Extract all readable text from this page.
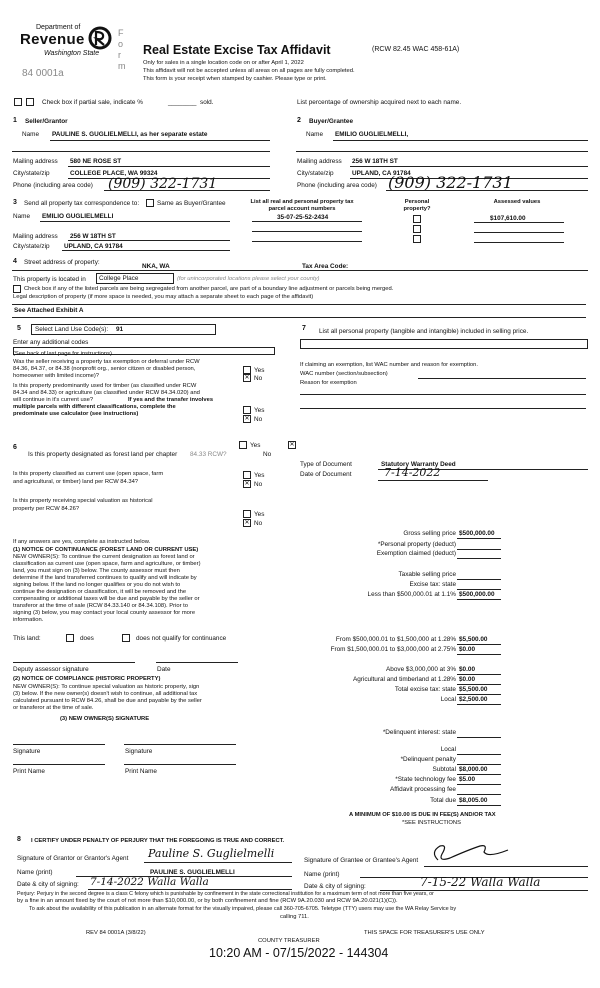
Department of
Revenue
Washington State
F
o
r
m
84 0001a
Real Estate Excise Tax Affidavit	(RCW 82.45 WAC 458-61A)
Only for sales in a single location code on or after April 1, 2022
This affidavit will not be accepted unless all areas on all pages are fully completed.
This form is your receipt when stamped by cashier. Please type or print.
Check box if partial sale, indicate %	________ sold.	List percentage of ownership acquired next to each name.
1 Seller/Grantor
Name PAULINE S. GUGLIELMELLI, as her separate estate
Mailing address 580 NE ROSE ST
City/state/zip	COLLEGE PLACE, WA 99324
Phone (including area code) (909) 322-1731
2 Buyer/Grantee
Name EMILIO GUGLIELMELLI,
Mailing address 256 W 18TH ST
City/state/zip	UPLAND, CA 91784
Phone (including area code) (909) 322-1731
3 Send all property tax correspondence to:	Same as Buyer/Grantee
Name EMILIO GUGLIELMELLI
Mailing address 256 W 18TH ST
City/state/zip UPLAND, CA 91784
List all real and personal property tax parcel account numbers
35-07-25-52-2434
Personal property?
Assessed values
$107,610.00
4 Street address of property:
NKA, WA	Tax Area Code:
This property is located in	College Place	(for unincorporated locations please select your county)
Check box if any of the listed parcels are being segregated from another parcel, are part of a boundary line adjustment or parcels being merged.
Legal description of property (if more space is needed, you may attach a separate sheet to each page of the affidavit)
See Attached Exhibit A
5	Select Land Use Code(s): 91
Enter any additional codes
(See back of last page for instructions)
Was the seller receiving a property tax exemption or deferral under RCW
84.36, 84.37, or 84.38 (nonprofit org., senior citizen or disabled person,
homeowner with limited income)?
Yes
✕ No
Is this property predominantly used for timber (as classified under RCW
84.34 and 84.33) or agriculture (as classified under RCW 84.34.020) and
will continue in it's current use?	If yes and the transfer involves
multiple parcels with different classifications, complete the
predominate use calculator (see instructions)	Yes
✕ No
7 List all personal property (tangible and intangible) included in selling price.
If claiming an exemption, list WAC number and reason for exemption.
WAC number (section/subsection)
Reason for exemption
6	Yes	✕
Is this property designated as forest land per chapter 84.33 RCW?	No
Is this property classified as current use (open space, farm
and agricultural, or timber) land per RCW 84.34?
Yes
✕ No
Is this property receiving special valuation as historical
property per RCW 84.26?
Yes
✕ No
If any answers are yes, complete as instructed below.
(1) NOTICE OF CONTINUANCE (FOREST LAND OR CURRENT USE)
NEW OWNER(S): To continue the current designation as forest land or
classification as current use (open space, farm and agriculture, or timber)
land, you must sign on (3) below. The county assessor must then
determine if the land transferred continues to qualify and will indicate by
signing below. If the land no longer qualifies or you do not wish to
continue the designation or classification, it will be removed and the
compensating or additional taxes will be due and payable by the seller or
transferor at the time of sale (RCW 84.33.140 or 84.34.108). Prior to
signing (3) below, you may contact your local county assessor for more
information.
This land:	does	does not qualify for continuance
Deputy assessor signature	Date
(2) NOTICE OF COMPLIANCE (HISTORIC PROPERTY)
NEW OWNER(S): To continue special valuation as historic property, sign
(3) below. If the new owner(s) doesn't wish to continue, all additional tax
calculated pursuant to RCW 84.26, shall be due and payable by the seller
or transferor at the time of sale.
(3) NEW OWNER(S) SIGNATURE
Signature	Signature
Print Name	Print Name
Type of Document	Statutory Warranty Deed
Date of Document	7-14-2022
Gross selling price $500,000.00
*Personal property (deduct)
Exemption claimed (deduct)
Taxable selling price
Excise tax: state
Less than $500,000.01 at 1.1% $500,000.00
From $500,000.01 to $1,500,000 at 1.28% $5,500.00
From $1,500,000.01 to $3,000,000 at 2.75% $0.00
Above $3,000,000 at 3% $0.00
Agricultural and timberland at 1.28% $0.00
Total excise tax: state $5,500.00
Local $2,500.00
*Delinquent interest: state
Local
*Delinquent penalty
Subtotal $8,000.00
*State technology fee $5.00
Affidavit processing fee
Total due $8,005.00
A MINIMUM OF $10.00 IS DUE IN FEE(S) AND/OR TAX
*SEE INSTRUCTIONS
8 I CERTIFY UNDER PENALTY OF PERJURY THAT THE FOREGOING IS TRUE AND CORRECT.
Signature of Grantor or Grantor's Agent Pauline S. Guglielmelli
Signature of Grantee or Grantee's Agent
Name (print)	PAULINE S. GUGLIELMELLI	Name (print)
Date & city of signing: 7-14-2022 Walla Walla	Date & city of signing:	7-15-22 Walla Walla
Perjury: Perjury in the second degree is a class C felony which is punishable by confinement in the state correctional institution for a maximum term of not more than five years, or
by a fine in an amount fixed by the court of not more than $10,000.00, or by both confinement and fine (RCW 9A.20.030 and RCW 9A.20.021(1)(C)).
To ask about the availability of this publication in an alternate format for the visually impaired, please call 360-705-6705. Teletype (TTY) users may use the WA Relay Service by
calling 711.
REV 84 0001A (3/8/22)	THIS SPACE FOR TREASURER'S USE ONLY
COUNTY TREASURER
10:20 AM - 07/15/2022 - 144304
